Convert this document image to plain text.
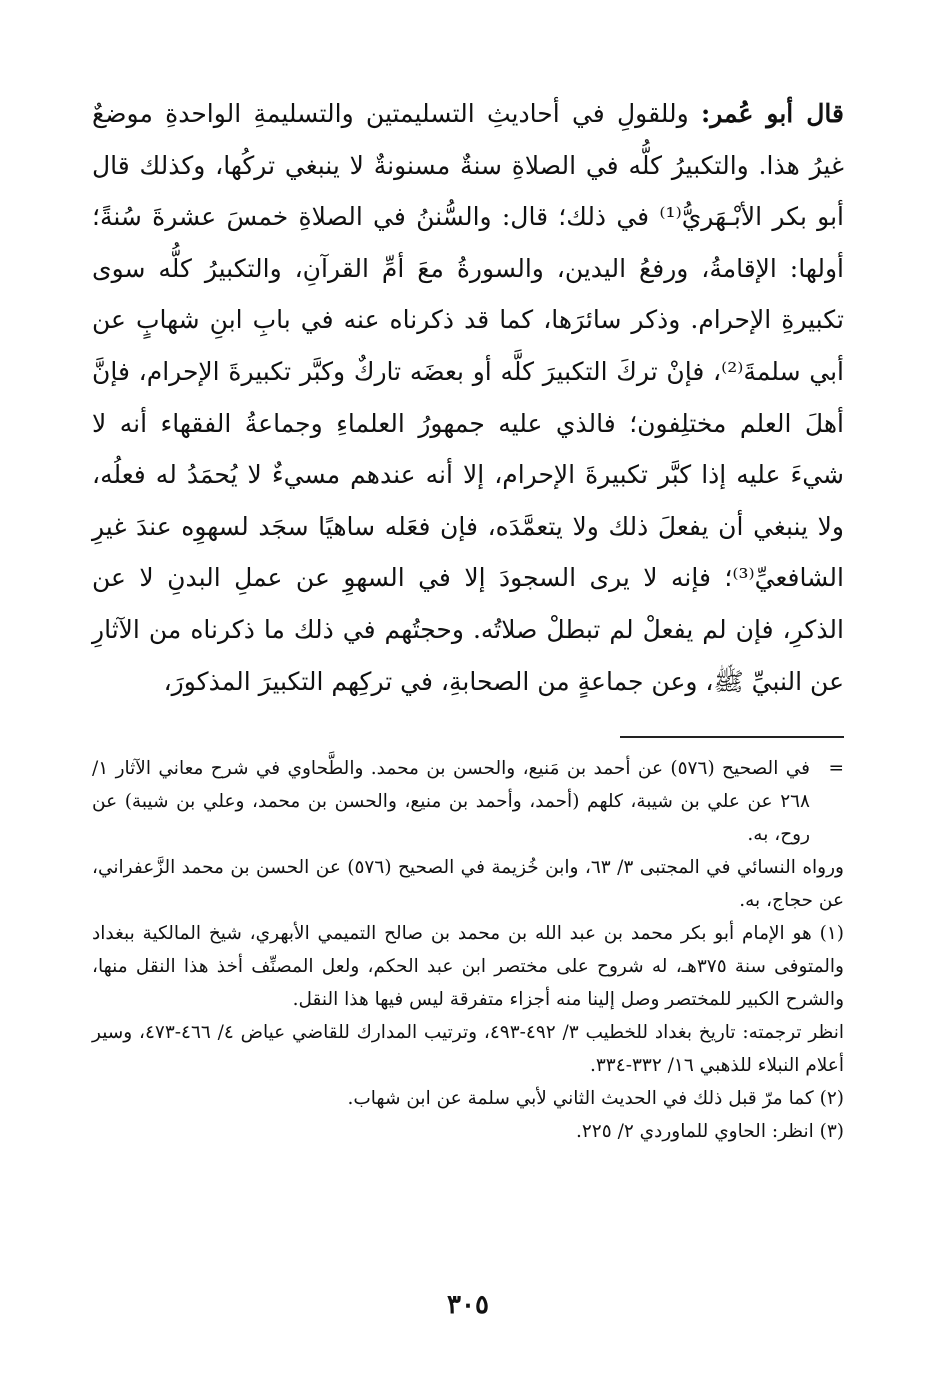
قال أبو عُمر: وللقولِ في أحاديثِ التسليمتين والتسليمةِ الواحدةِ موضعٌ غيرُ هذا. والتكبيرُ كلُّه في الصلاةِ سنةٌ مسنونةٌ لا ينبغي تركُها، وكذلك قال أبو بكر الأبْـهَريُّ⁽¹⁾ في ذلك؛ قال: والسُّننُ في الصلاةِ خمسَ عشرةَ سُنةً؛ أولها: الإقامةُ، ورفعُ اليدين، والسورةُ معَ أمِّ القرآنِ، والتكبيرُ كلُّه سوى تكبيرةِ الإحرام. وذكر سائرَها، كما قد ذكرناه عنه في بابِ ابنِ شهابٍ عن أبي سلمةَ⁽²⁾، فإنْ تركَ التكبيرَ كلَّه أو بعضَه تاركٌ وكبَّر تكبيرةَ الإحرام، فإنَّ أهلَ العلم مختلِفون؛ فالذي عليه جمهورُ العلماءِ وجماعةُ الفقهاء أنه لا شيءَ عليه إذا كبَّر تكبيرةَ الإحرام، إلا أنه عندهم مسيءٌ لا يُحمَدُ له فعلُه، ولا ينبغي أن يفعلَ ذلك ولا يتعمَّدَه، فإن فعَله ساهيًا سجَد لسهوِه عندَ غيرِ الشافعيِّ⁽³⁾؛ فإنه لا يرى السجودَ إلا في السهوِ عن عملِ البدنِ لا عن الذكرِ، فإن لم يفعلْ لم تبطلْ صلاتُه. وحجتُهم في ذلك ما ذكرناه من الآثارِ عن النبيِّ ﷺ، وعن جماعةٍ من الصحابةِ، في تركِهم التكبيرَ المذكورَ،

=
في الصحيح (٥٧٦) عن أحمد بن مَنيع، والحسن بن محمد. والطَّحاوي في شرح معاني الآثار ١/ ٢٦٨ عن علي بن شيبة، كلهم (أحمد، وأحمد بن منيع، والحسن بن محمد، وعلي بن شيبة) عن روح، به.

ورواه النسائي في المجتبى ٣/ ٦٣، وابن خُزيمة في الصحيح (٥٧٦) عن الحسن بن محمد الزَّعفراني، عن حجاج، به.

(١) هو الإمام أبو بكر محمد بن عبد الله بن محمد بن صالح التميمي الأبهري، شيخ المالكية ببغداد والمتوفى سنة ٣٧٥هـ، له شروح على مختصر ابن عبد الحكم، ولعل المصنِّف أخذ هذا النقل منها، والشرح الكبير للمختصر وصل إلينا منه أجزاء متفرقة ليس فيها هذا النقل.

انظر ترجمته: تاريخ بغداد للخطيب ٣/ ٤٩٢-٤٩٣، وترتيب المدارك للقاضي عياض ٤/ ٤٦٦-٤٧٣، وسير أعلام النبلاء للذهبي ١٦/ ٣٣٢-٣٣٤.

(٢) كما مرّ قبل ذلك في الحديث الثاني لأبي سلمة عن ابن شهاب.

(٣) انظر: الحاوي للماوردي ٢/ ٢٢٥.

٣٠٥
